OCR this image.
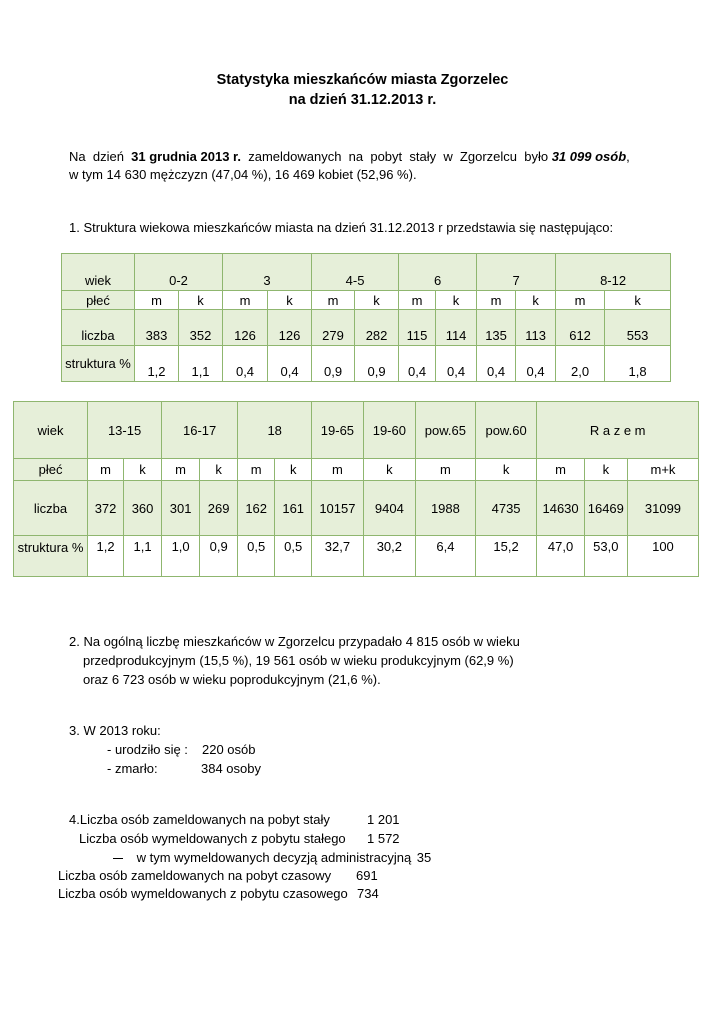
Statystyka mieszkańców miasta Zgorzelec
na dzień 31.12.2013 r.
Na  dzień  31 grudnia 2013 r.  zameldowanych  na  pobyt  stały  w  Zgorzelcu  było 31 099 osób,
w tym 14 630 mężczyzn (47,04 %), 16 469 kobiet (52,96 %).
1. Struktura wiekowa mieszkańców miasta na dzień 31.12.2013 r przedstawia się następująco:
wiek	0-2		3		4-5		6		7		8-12	
płeć	m	k	m	k	m	k	m	k	m	k	m	k
liczba	383	352	126	126	279	282	115	114	135	113	612	553
struktura %	1,2	1,1	0,4	0,4	0,9	0,9	0,4	0,4	0,4	0,4	2,0	1,8
wiek	13-15		16-17		18		19-65	19-60	pow.65	pow.60	R a z e m		
płeć	m	k	m	k	m	k	m	k	m	k	m	k	m+k
liczba	372	360	301	269	162	161	10157	9404	1988	4735	14630	16469	31099
struktura %	1,2	1,1	1,0	0,9	0,5	0,5	32,7	30,2	6,4	15,2	47,0	53,0	100
2. Na ogólną liczbę mieszkańców w Zgorzelcu przypadało 4 815 osób w wieku
przedprodukcyjnym (15,5 %), 19 561 osób w wieku produkcyjnym (62,9 %)
oraz 6 723 osób w wieku poprodukcyjnym (21,6 %).
3. W 2013 roku:
- urodziło się : 220 osób
- zmarło:	384 osoby
4.Liczba osób zameldowanych na pobyt stały	1 201
Liczba osób wymeldowanych z pobytu stałego 1 572
w tym wymeldowanych decyzją administracyjną 35
Liczba osób zameldowanych na pobyt czasowy 691
Liczba osób wymeldowanych z pobytu czasowego 734
